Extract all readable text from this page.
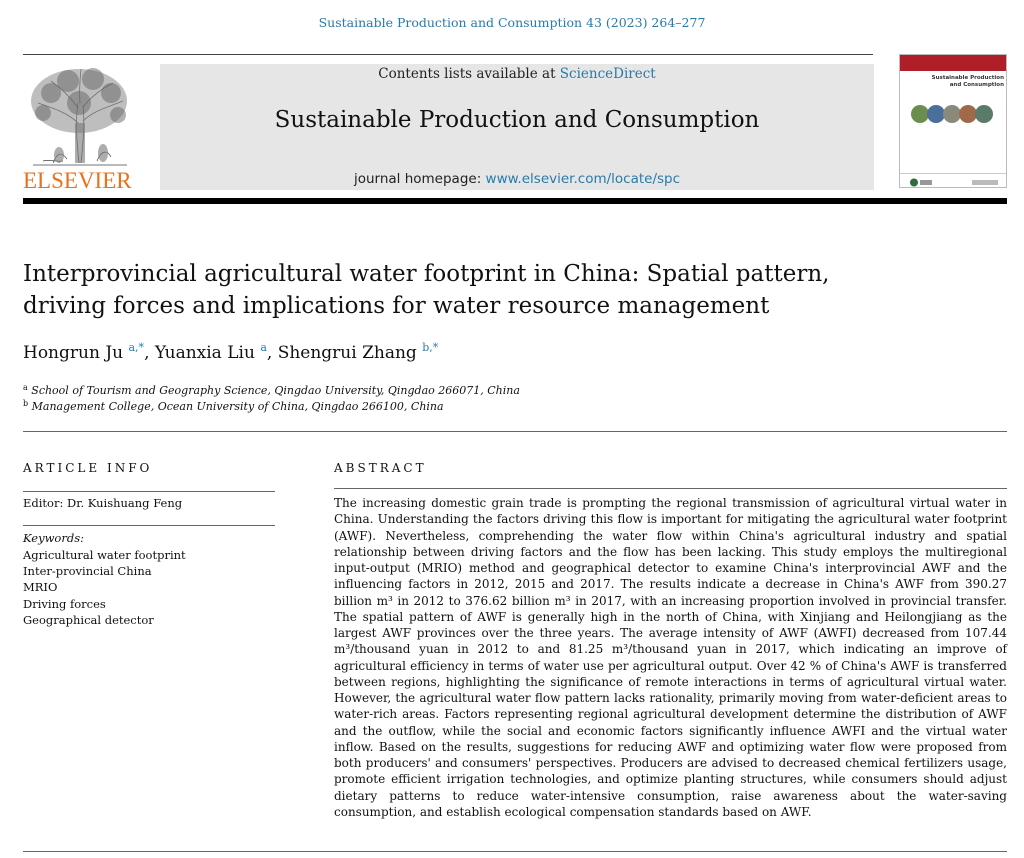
Sustainable Production and Consumption 43 (2023) 264–277
ELSEVIER
Contents lists available at ScienceDirect
Sustainable Production and Consumption
journal homepage: www.elsevier.com/locate/spc
Sustainable Production and Consumption
Interprovincial agricultural water footprint in China: Spatial pattern, driving forces and implications for water resource management
Hongrun Ju $^{a,*}$, Yuanxia Liu $^a$, Shengrui Zhang $^{b,*}$
$^a$ School of Tourism and Geography Science, Qingdao University, Qingdao 266071, China
$^b$ Management College, Ocean University of China, Qingdao 266100, China
ARTICLE INFO
Editor: Dr. Kuishuang Feng
Keywords:
Agricultural water footprint
Inter-provincial China
MRIO
Driving forces
Geographical detector
ABSTRACT
The increasing domestic grain trade is prompting the regional transmission of agricultural virtual water in China. Understanding the factors driving this flow is important for mitigating the agricultural water footprint (AWF). Nevertheless, comprehending the water flow within China's agricultural industry and spatial relationship between driving factors and the flow has been lacking. This study employs the multiregional input-output (MRIO) method and geographical detector to examine China's interprovincial AWF and the influencing factors in 2012, 2015 and 2017. The results indicate a decrease in China's AWF from 390.27 billion m³ in 2012 to 376.62 billion m³ in 2017, with an increasing proportion involved in provincial transfer. The spatial pattern of AWF is generally high in the north of China, with Xinjiang and Heilongjiang as the largest AWF provinces over the three years. The average intensity of AWF (AWFI) decreased from 107.44 m³/thousand yuan in 2012 to and 81.25 m³/thousand yuan in 2017, which indicating an improve of agricultural efficiency in terms of water use per agricultural output. Over 42 % of China's AWF is transferred between regions, highlighting the significance of remote interactions in terms of agricultural virtual water. However, the agricultural water flow pattern lacks rationality, primarily moving from water-deficient areas to water-rich areas. Factors representing regional agricultural development determine the distribution of AWF and the outflow, while the social and economic factors significantly influence AWFI and the virtual water inflow. Based on the results, suggestions for reducing AWF and optimizing water flow were proposed from both producers' and consumers' perspectives. Producers are advised to decreased chemical fertilizers usage, promote efficient irrigation technologies, and optimize planting structures, while consumers should adjust dietary patterns to reduce water-intensive consumption, raise awareness about the water-saving consumption, and establish ecological compensation standards based on AWF.
